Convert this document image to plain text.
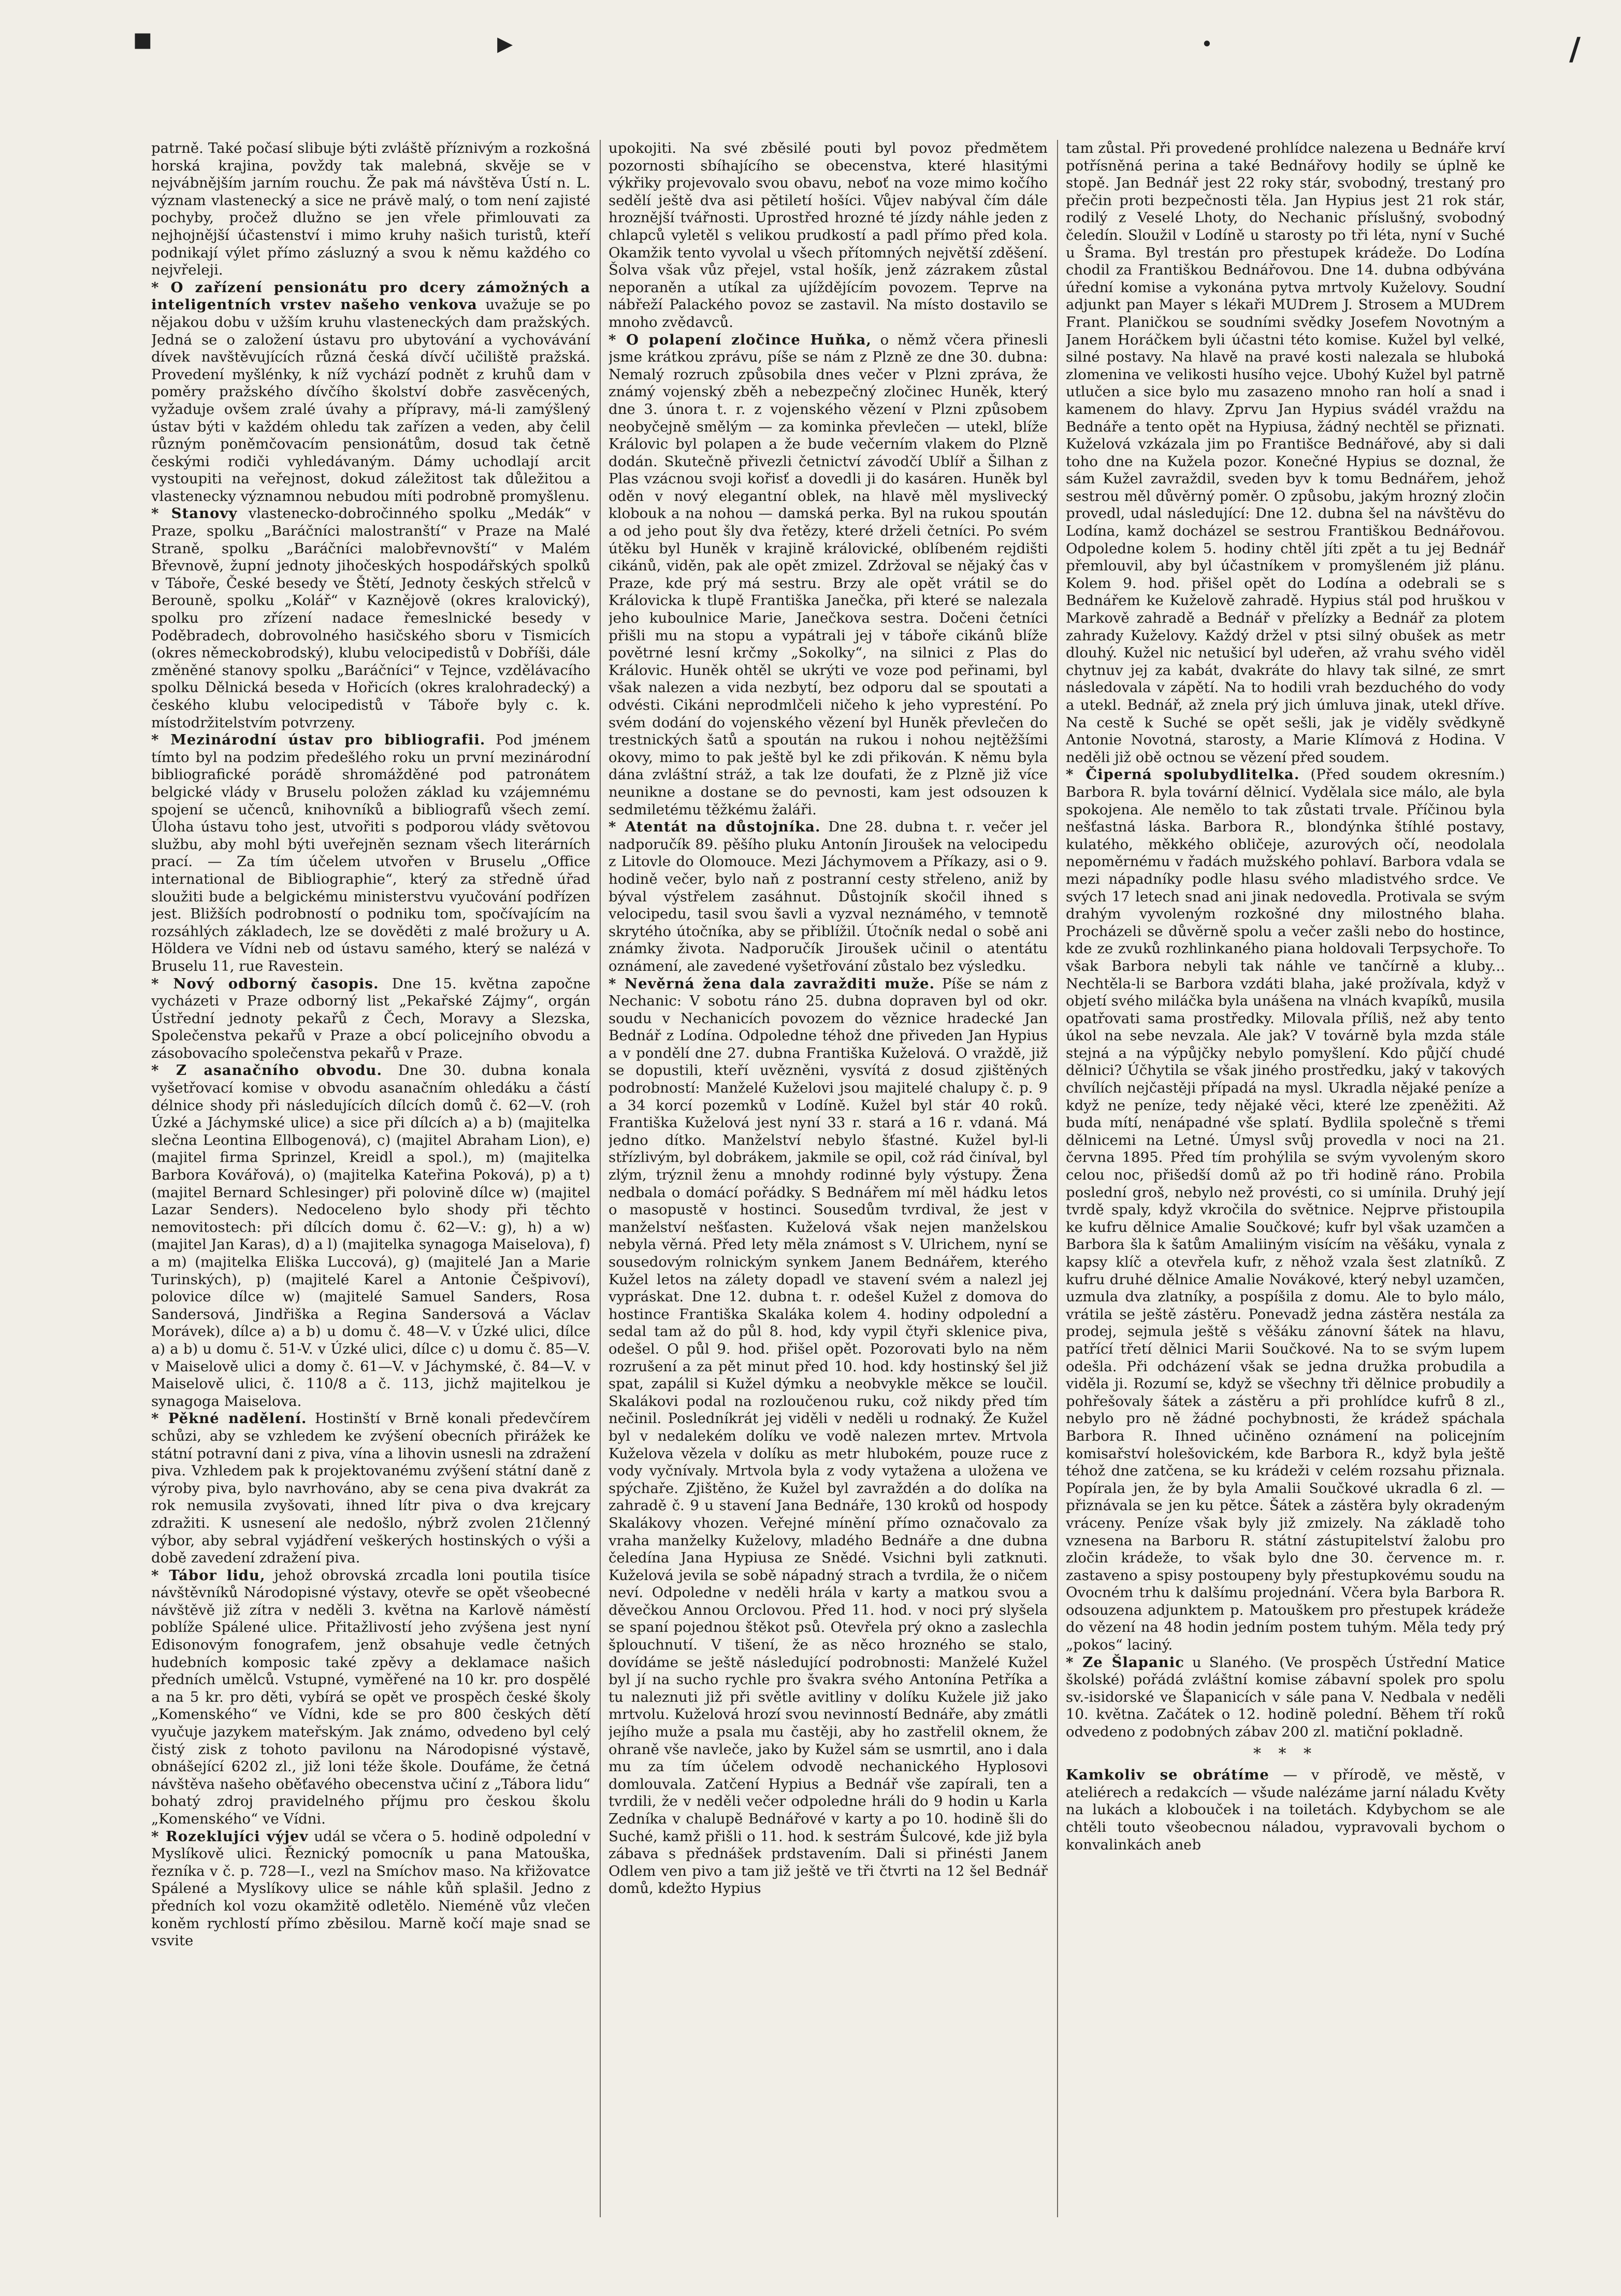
▪	▸	·	/

patrně. Také počasí slibuje býti zvláště příznivým a rozkošná horská krajina, povždy tak malebná, skvěje se v nejvábnějším jarním rouchu. Že pak má návštěva Ústí n. L. význam vlastenecký a sice ne právě malý, o tom není zajisté pochyby, pročež dlužno se jen vřele přimlouvati za nejhojnější účastenství i mimo kruhy našich turistů, kteří podnikají výlet přímo zásluzný a svou k němu každého co nejvřeleji.

* O zařízení pensionátu pro dcery zámožných a inteligentních vrstev našeho venkova uvažuje se po nějakou dobu v užším kruhu vlasteneckých dam pražských. Jedná se o založení ústavu pro ubytování a vychovávání dívek navštěvujících různá česká dívčí učiliště pražská. Provedení myšlénky, k níž vychází podnět z kruhů dam v poměry pražského dívčího školství dobře zasvěcených, vyžaduje ovšem zralé úvahy a přípravy, má-li zamýšlený ústav býti v každém ohledu tak zařízen a veden, aby čelil různým poněmčovacím pensionátům, dosud tak četně českými rodiči vyhledávaným. Dámy uchodlají arcit vystoupiti na veřejnost, dokud záležitost tak důležitou a vlastenecky významnou nebudou míti podrobně promyšlenu.

* Stanovy vlastenecko-dobročinného spolku „Medák“ v Praze, spolku „Baráčníci malostranští“ v Praze na Malé Straně, spolku „Baráčníci malobřevnovští“ v Malém Břevnově, župní jednoty jihočeských hospodářských spolků v Táboře, České besedy ve Štětí, Jednoty českých střelců v Berouně, spolku „Kolář“ v Kaznějově (okres kralovický), spolku pro zřízení nadace řemeslnické besedy v Poděbradech, dobrovolného hasičského sboru v Tismicích (okres německobrodský), klubu velocipedistů v Dobříši, dále změněné stanovy spolku „Baráčníci“ v Tejnce, vzdělávacího spolku Dělnická beseda v Hořicích (okres kralohradecký) a českého klubu velocipedistů v Táboře byly c. k. místodržitelstvím potvrzeny.

* Mezinárodní ústav pro bibliografii. Pod jménem tímto byl na podzim předešlého roku un první mezinárodní bibliografické porádě shromážděné pod patronátem belgické vlády v Bruselu položen základ ku vzájemnému spojení se učenců, knihovníků a bibliografů všech zemí. Úloha ústavu toho jest, utvořiti s podporou vlády světovou službu, aby mohl býti uveřejněn seznam všech literárních prací. — Za tím účelem utvořen v Bruselu „Office international de Bibliographie“, který za středně úřad sloužiti bude a belgickému ministerstvu vyučování podřízen jest. Bližších podrobností o podniku tom, spočívajícím na rozsáhlých základech, lze se dověděti z malé brožury u A. Höldera ve Vídni neb od ústavu samého, který se nalézá v Bruselu 11, rue Ravestein.

* Nový odborný časopis. Dne 15. května započne vycházeti v Praze odborný list „Pekařské Zájmy“, orgán Ústřední jednoty pekařů z Čech, Moravy a Slezska, Společenstva pekařů v Praze a obcí policejního obvodu a zásobovacího společenstva pekařů v Praze.

* Z asanačního obvodu. Dne 30. dubna konala vyšetřovací komise v obvodu asanačním ohledáku a částí délnice shody při následujících dílcích domů č. 62—V. (roh Úzké a Jáchymské ulice) a sice při dílcích a) a b) (majitelka slečna Leontina Ellbogenová), c) (majitel Abraham Lion), e) (majitel firma Sprinzel, Kreidl a spol.), m) (majitelka Barbora Kovářová), o) (majitelka Kateřina Poková), p) a t) (majitel Bernard Schlesinger) při polovině dílce w) (majitel Lazar Senders). Nedoceleno bylo shody při těchto nemovitostech: při dílcích domu č. 62—V.: g), h) a w) (majitel Jan Karas), d) a l) (majitelka synagoga Maiselova), f) a m) (majitelka Eliška Luccová), g) (majitelé Jan a Marie Turinských), p) (majitelé Karel a Antonie Češpivoví), polovice dílce w) (majitelé Samuel Sanders, Rosa Sandersová, Jindřiška a Regina Sandersová a Václav Morávek), dílce a) a b) u domu č. 48—V. v Úzké ulici, dílce a) a b) u domu č. 51-V. v Úzké ulici, dílce c) u domu č. 85—V. v Maiselově ulici a domy č. 61—V. v Jáchymské, č. 84—V. v Maiselově ulici, č. 110/8 a č. 113, jichž majitelkou je synagoga Maiselova.

* Pěkné nadělení. Hostinští v Brně konali předevčírem schůzi, aby se vzhledem ke zvýšení obecních přirážek ke státní potravní dani z piva, vína a lihovin usnesli na zdražení piva. Vzhledem pak k projektovanému zvýšení státní daně z výroby piva, bylo navrhováno, aby se cena piva dvakrát za rok nemusila zvyšovati, ihned lítr piva o dva krejcary zdražiti. K usnesení ale nedošlo, nýbrž zvolen 21členný výbor, aby sebral vyjádření veškerých hostinských o výši a době zavedení zdražení piva.

* Tábor lidu, jehož obrovská zrcadla loni poutila tisíce návštěvníků Národopisné výstavy, otevře se opět všeobecné návštěvě již zítra v neděli 3. května na Karlově náměstí poblíže Spálené ulice. Přitažlivostí jeho zvýšena jest nyní Edisonovým fonografem, jenž obsahuje vedle četných hudebních komposic také zpěvy a deklamace našich předních umělců. Vstupné, vyměřené na 10 kr. pro dospělé a na 5 kr. pro děti, vybírá se opět ve prospěch české školy „Komenského“ ve Vídni, kde se pro 800 českých dětí vyučuje jazykem mateřským. Jak známo, odvedeno byl celý čistý zisk z tohoto pavilonu na Národopisné výstavě, obnášející 6202 zl., již loni téže škole. Doufáme, že četná návštěva našeho oběťavého obecenstva učiní z „Tábora lidu“ bohatý zdroj pravidelného příjmu pro českou školu „Komenského“ ve Vídni.

* Rozeklujíci výjev udál se včera o 5. hodině odpolední v Myslíkově ulici. Řeznický pomocník u pana Matouška, řezníka v č. p. 728—I., vezl na Smíchov maso. Na křižovatce Spálené a Myslíkovy ulice se náhle kůň splašil. Jedno z předních kol vozu okamžitě odletělo. Nieméně vůz vlečen koněm rychlostí přímo zběsilou. Marně kočí maje snad se vsvite

upokojiti. Na své zběsilé pouti byl povoz předmětem pozornosti sbíhajícího se obecenstva, které hlasitými výkřiky projevovalo svou obavu, neboť na voze mimo kočího sedělí ještě dva asi pětiletí hošíci. Vůjev nabýval čím dále hroznější tvářnosti. Uprostřed hrozné té jízdy náhle jeden z chlapců vyletěl s velikou prudkostí a padl přímo před kola. Okamžik tento vyvolal u všech přítomných největší zděšení. Šolva však vůz přejel, vstal hošík, jenž zázrakem zůstal neporaněn a utíkal za ujíždějícím povozem. Teprve na nábřeží Palackého povoz se zastavil. Na místo dostavilo se mnoho zvědavců.

* O polapení zločince Huňka, o němž včera přinesli jsme krátkou zprávu, píše se nám z Plzně ze dne 30. dubna: Nemalý rozruch způsobila dnes večer v Plzni zpráva, že známý vojenský zběh a nebezpečný zločinec Huněk, který dne 3. února t. r. z vojenského vězení v Plzni způsobem neobyčejně smělým — za kominka převlečen — utekl, blíže Královic byl polapen a že bude večerním vlakem do Plzně dodán. Skutečně přivezli četnictví závodčí Ublíř a Šilhan z Plas vzácnou svoji kořisť a dovedli ji do kasáren. Huněk byl oděn v nový elegantní oblek, na hlavě měl myslivecký klobouk a na nohou — damská perka. Byl na rukou spoután a od jeho pout šly dva řetězy, které drželi četníci. Po svém útěku byl Huněk v krajině královické, oblíbeném rejdišti cikánů, viděn, pak ale opět zmizel. Zdržoval se nějaký čas v Praze, kde prý má sestru. Brzy ale opět vrátil se do Královicka k tlupě Františka Janečka, při které se nalezala jeho kuboulnice Marie, Janečkova sestra. Dočeni četníci přišli mu na stopu a vypátrali jej v táboře cikánů blíže povětrné lesní krčmy „Sokolky“, na silnici z Plas do Královic. Huněk ohtěl se ukrýti ve voze pod peřinami, byl však nalezen a vida nezbytí, bez odporu dal se spoutati a odvésti. Cikáni neprodmlčeli ničeho k jeho vypresténí. Po svém dodání do vojenského vězení byl Huněk převlečen do trestnických šatů a spoután na rukou i nohou nejtěžšími okovy, mimo to pak ještě byl ke zdi přikován. K němu byla dána zvláštní stráž, a tak lze doufati, že z Plzně již více neunikne a dostane se do pevnosti, kam jest odsouzen k sedmiletému těžkému žaláři.

* Atentát na důstojníka. Dne 28. dubna t. r. večer jel nadporučík 89. pěšího pluku Antonín Jiroušek na velocipedu z Litovle do Olomouce. Mezi Jáchymovem a Příkazy, asi o 9. hodině večer, bylo naň z postranní cesty střeleno, aniž by býval výstřelem zasáhnut. Důstojník skočil ihned s velocipedu, tasil svou šavli a vyzval neznámého, v temnotě skrytého útočníka, aby se přiblížil. Útočník nedal o sobě ani známky života. Nadporučík Jiroušek učinil o atentátu oznámení, ale zavedené vyšetřování zůstalo bez výsledku.

* Nevěrná žena dala zavražditi muže. Píše se nám z Nechanic: V sobotu ráno 25. dubna dopraven byl od okr. soudu v Nechanicích povozem do věznice hradecké Jan Bednář z Lodína. Odpoledne téhož dne přiveden Jan Hypius a v pondělí dne 27. dubna Františka Kuželová. O vraždě, již se dopustili, kteří uvězněni, vysvítá z dosud zjištěných podrobností: Manželé Kuželovi jsou majitelé chalupy č. p. 9 a 34 korcí pozemků v Lodíně. Kužel byl stár 40 roků. Františka Kuželová jest nyní 33 r. stará a 16 r. vdaná. Má jedno dítko. Manželství nebylo šťastné. Kužel byl-li střízlivým, byl dobrákem, jakmile se opil, což rád činíval, byl zlým, trýznil ženu a mnohdy rodinné byly výstupy. Žena nedbala o domácí pořádky. S Bednářem mí měl hádku letos o masopustě v hostinci. Sousedům tvrdival, že jest v manželství nešťasten. Kuželová však nejen manželskou nebyla věrná. Před lety měla známost s V. Ulrichem, nyní se sousedovým rolnickým synkem Janem Bednářem, kterého Kužel letos na zálety dopadl ve stavení svém a nalezl jej vypráskat. Dne 12. dubna t. r. odešel Kužel z domova do hostince Františka Skalákа kolem 4. hodiny odpolední a sedal tam až do půl 8. hod, kdy vypil čtyři sklenice piva, odešel. O půl 9. hod. přišel opět. Pozorovati bylo na něm rozrušení a za pět minut před 10. hod. kdy hostinský šel již spat, zapálil si Kužel dýmku a neobvykle měkce se loučil. Skalákovi podal na rozloučenou ruku, což nikdy před tím nečinil. Posledníkrát jej viděli v neděli u rodnaký. Že Kužel byl v nedalekém dolíku ve vodě nalezen mrtev. Mrtvola Kuželova vězela v dolíku as metr hlubokém, pouze ruce z vody vyčnívaly. Mrtvola byla z vody vytažena a uložena ve spýchaře. Zjištěno, že Kužel byl zavraždén a do dolíka na zahradě č. 9 u stavení Jana Bednáře, 130 kroků od hospody Skalákovy vhozen. Veřejné mínění přímo označovalo za vraha manželky Kuželovy, mladého Bednáře a dne dubna čeledína Jana Hypiusa ze Snědé. Vsichni byli zatknuti. Kuželová jevila se sobě nápadný strach a tvrdila, že o ničem neví. Odpoledne v neděli hrála v karty a matkou svou a děvečkou Annou Orclovou. Před 11. hod. v noci prý slyšela se spaní pojednou štěkot psů. Otevřela prý okno a zaslechla šplouchnutí. V tišení, že as něco hrozného se stalo, dovídáme se ještě následující podrobnosti: Manželé Kužel byl jí na sucho rychle pro švakra svého Antonína Petříka a tu naleznuti již při světle avitliny v dolíku Kužele již jako mrtvolu. Kuželová hrozí svou nevinností Bednáře, aby zmátli jejího muže a psala mu častěji, aby ho zastřelil oknem, že ohraně vše navleče, jako by Kužel sám se usmrtil, ano i dala mu za tím účelem odvodě nechanického Hyplosovi domlouvala. Zatčení Hypius a Bednář vše zapírali, ten a tvrdili, že v neděli večer odpoledne hráli do 9 hodin u Karla Zedníka v chalupě Bednářové v karty a po 10. hodině šli do Suché, kamž přišli o 11. hod. k sestrám Šulcové, kde již byla zábava s přednášek prdstavením. Dali si přinésti Janem Odlem ven pivo a tam již ještě ve tři čtvrti na 12 šel Bednář domů, kdežto Hypius

tam zůstal. Při provedené prohlídce nalezena u Bednáře krví potřísněná perina a také Bednářovy hodily se úplně ke stopě. Jan Bednář jest 22 roky stár, svobodný, trestaný pro přečin proti bezpečnosti těla. Jan Hypius jest 21 rok stár, rodilý z Veselé Lhoty, do Nechanic příslušný, svobodný čeledín. Sloužil v Lodíně u starosty po tři léta, nyní v Suché u Šrama. Byl trestán pro přestupek krádeže. Do Lodína chodil za Františkou Bednářovou. Dne 14. dubna odbývána úřední komise a vykonána pytva mrtvoly Kuželovy. Soudní adjunkt pan Mayer s lékaři MUDrem J. Strosem a MUDrem Frant. Planičkou se soudními svědky Josefem Novotným a Janem Horáčkem byli účastni této komise. Kužel byl velké, silné postavy. Na hlavě na pravé kosti nalezala se hluboká zlomenina ve velikosti husího vejce. Ubohý Kužel byl patrně utlučen a sice bylo mu zasazeno mnoho ran holí a snad i kamenem do hlavy. Zprvu Jan Hypius svádél vraždu na Bednáře a tento opět na Hypiusa, žádný nechtěl se přiznati. Kuželová vzkázala jim po Františce Bednářové, aby si dali toho dne na Kužela pozor. Konečné Hypius se doznal, že sám Kužel zavraždil, sveden byv k tomu Bednářem, jehož sestrou měl důvěrný poměr. O způsobu, jakým hrozný zločin provedl, udal následující: Dne 12. dubna šel na návštěvu do Lodína, kamž docházel se sestrou Františkou Bednářovou. Odpoledne kolem 5. hodiny chtěl jíti zpět a tu jej Bednář přemlouvil, aby byl účastníkem v promyšleném již plánu. Kolem 9. hod. přišel opět do Lodína a odebrali se s Bednářem ke Kuželově zahradě. Hypius stál pod hruškou v Markově zahradě a Bednář v přelízky a Bednář za plotem zahrady Kuželovy. Každý držel v ptsi silný obušek as metr dlouhý. Kužel nic netušicí byl udeřen, až vrahu svého viděl chytnuv jej za kabát, dvakráte do hlavy tak silné, ze smrt následovala v zápětí. Na to hodili vrah bezduchého do vody a utekl. Bednář, až znela prý jich úmluva jinak, utekl dříve. Na cestě k Suché se opět sešli, jak je viděly svědkyně Antonie Novotná, starosty, a Marie Klímová z Hodina. V neděli již obě octnou se vězení před soudem.

* Čiperná spolubydlitelka. (Před soudem okresním.) Barbora R. byla tovární dělnicí. Vydělala sice málo, ale byla spokojena. Ale nemělo to tak zůstati trvale. Příčinou byla nešťastná láska. Barbora R., blondýnka štíhlé postavy, kulatého, měkkého obličeje, azurových očí, neodolala nepoměrnému v řadách mužského pohlaví. Barbora vdala se mezi nápadníky podle hlasu svého mladistvého srdce. Ve svých 17 letech snad ani jinak nedovedla. Protivala se svým drahým vyvoleným rozkošné dny milostného blaha. Procházeli se důvěrně spolu a večer zašli nebo do hostince, kde ze zvuků rozhlinkaného piana holdovali Terpsychoře. To však Barbora nebyli tak náhle ve tančírně a kluby... Nechtěla-li se Barbora vzdáti blaha, jaké prožívala, když v objetí svého miláčka byla unášena na vlnách kvapíků, musila opatřovati sama prostředky. Milovala příliš, než aby tento úkol na sebe nevzala. Ale jak? V továrně byla mzda stále stejná a na výpůjčky nebylo pomyšlení. Kdo půjčí chudé dělnici? Účhytila se však jiného prostředku, jaký v takových chvílích nejčastěji případá na mysl. Ukradla nějaké peníze a když ne peníze, tedy nějaké věci, které lze zpeněžiti. Až buda mítí, nenápadné vše splatí. Bydlila společně s třemi dělnicemi na Letné. Úmysl svůj provedla v noci na 21. června 1895. Před tím prohýlila se svým vyvoleným skoro celou noc, přišedší domů až po tři hodině ráno. Probila poslední groš, nebylo než provésti, co si umínila. Druhý její tvrdě spaly, když vkročila do světnice. Nejprve přistoupila ke kufru dělnice Amalie Součkové; kufr byl však uzamčen a Barbora šla k šatům Amaliiným visícím na věšáku, vynala z kapsy klíč a otevřela kufr, z něhož vzala šest zlatníků. Z kufru druhé dělnice Amalie Novákové, který nebyl uzamčen, uzmula dva zlatníky, a pospíšila z domu. Ale to bylo málo, vrátila se ještě zástěru. Ponevadž jedna zástěra nestála za prodej, sejmula ještě s věšáku zánovní šátek na hlavu, patřící třetí dělnici Marii Součkové. Na to se svým lupem odešla. Při odcházení však se jedna družka probudila a viděla ji. Rozumí se, když se všechny tři dělnice probudily a pohřešovaly šátek a zástěru a při prohlídce kufrů 8 zl., nebylo pro ně žádné pochybnosti, že krádež spáchala Barbora R. Ihned učiněno oznámení na policejním komisařství holešovickém, kde Barbora R., když byla ještě téhož dne zatčena, se ku krádeži v celém rozsahu přiznala. Popírala jen, že by byla Amalii Součkové ukradla 6 zl. — přiznávala se jen ku pětce. Šátek a zástěra byly okradeným vráceny. Peníze však byly již zmizely. Na základě toho vznesena na Barboru R. státní zástupitelství žalobu pro zločin krádeže, to však bylo dne 30. července m. r. zastaveno a spisy postoupeny byly přestupkovému soudu na Ovocném trhu k dalšímu projednání. Včera byla Barbora R. odsouzena adjunktem p. Matouškem pro přestupek krádeže do vězení na 48 hodin jedním postem tuhým. Měla tedy prý „pokos“ laciný.

* Ze Šlapanic u Slaného. (Ve prospěch Ústřední Matice školské) pořádá zvláštní komise zábavní spolek pro spolu sv.-isidorské ve Šlapanicích v sále pana V. Nedbala v neděli 10. května. Začátek o 12. hodině polední. Během tří roků odvedeno z podobných zábav 200 zl. matiční pokladně.

* * *

Kamkoliv se obrátíme — v přírodě, ve městě, v ateliérech a redakcích — všude nalézáme jarní náladu Květy na lukách a klobouček i na toiletách. Kdybychom se ale chtěli touto všeobecnou náladou, vypravovali bychom o konvalinkách aneb
